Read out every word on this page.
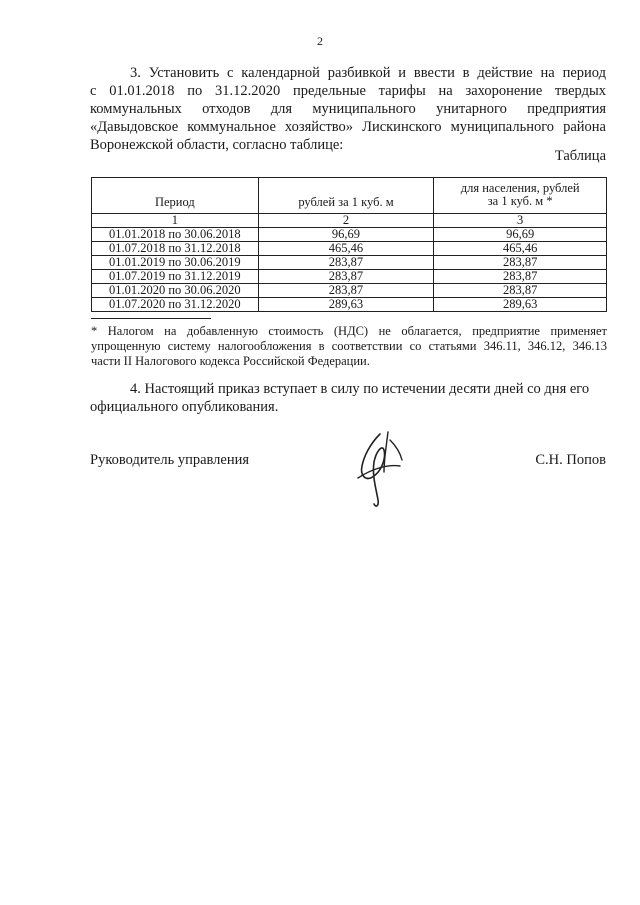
2
3. Установить с календарной разбивкой и ввести в действие на период
с 01.01.2018 по 31.12.2020 предельные тарифы на захоронение твердых
коммунальных отходов для муниципального унитарного предприятия
«Давыдовское коммунальное хозяйство» Лискинского муниципального района
Воронежской области, согласно таблице:
Таблица
Период	рублей за 1 куб. м	для населения, рублей
за 1 куб. м *
1	2	3
01.01.2018 по 30.06.2018	96,69	96,69
01.07.2018 по 31.12.2018	465,46	465,46
01.01.2019 по 30.06.2019	283,87	283,87
01.07.2019 по 31.12.2019	283,87	283,87
01.01.2020 по 30.06.2020	283,87	283,87
01.07.2020 по 31.12.2020	289,63	289,63
* Налогом на добавленную стоимость (НДС) не облагается, предприятие применяет
упрощенную систему налогообложения в соответствии со статьями 346.11, 346.12, 346.13
части II Налогового кодекса Российской Федерации.
4. Настоящий приказ вступает в силу по истечении десяти дней со дня его
официального опубликования.
Руководитель управления	С.Н. Попов
